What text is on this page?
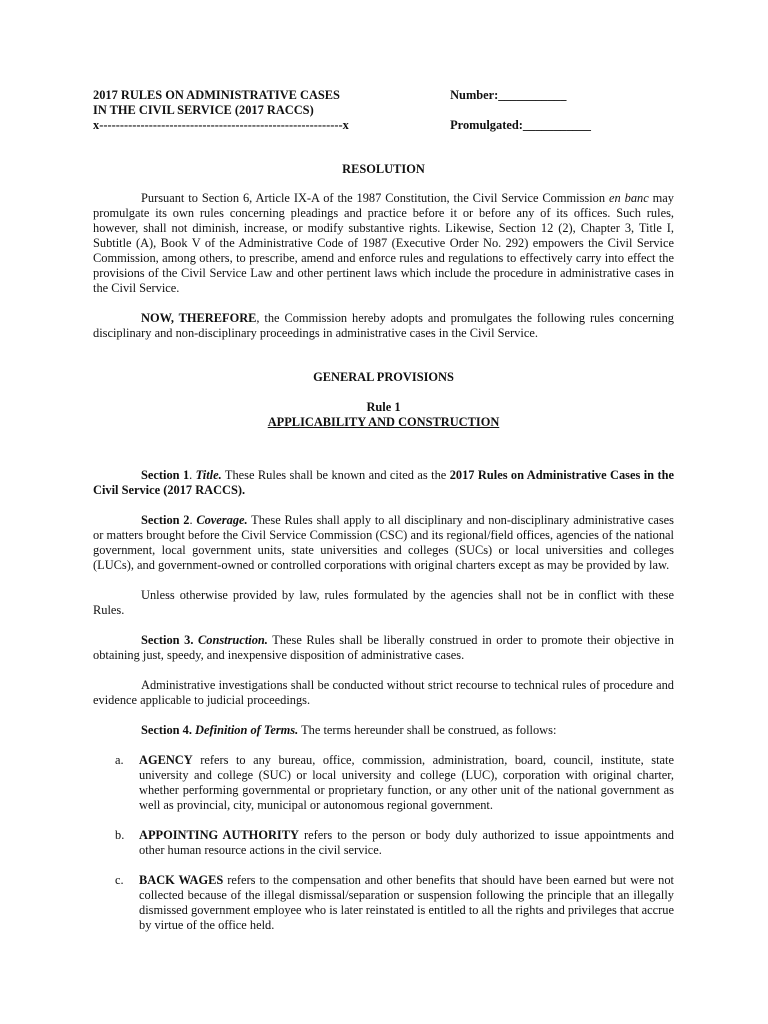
2017 RULES ON ADMINISTRATIVE CASES
IN THE CIVIL SERVICE (2017 RACCS)
x-----------------------------------------------------------x
Number:___________
Promulgated:___________
RESOLUTION

Pursuant to Section 6, Article IX-A of the 1987 Constitution, the Civil Service Commission en banc may promulgate its own rules concerning pleadings and practice before it or before any of its offices. Such rules, however, shall not diminish, increase, or modify substantive rights. Likewise, Section 12 (2), Chapter 3, Title I, Subtitle (A), Book V of the Administrative Code of 1987 (Executive Order No. 292) empowers the Civil Service Commission, among others, to prescribe, amend and enforce rules and regulations to effectively carry into effect the provisions of the Civil Service Law and other pertinent laws which include the procedure in administrative cases in the Civil Service.

NOW, THEREFORE, the Commission hereby adopts and promulgates the following rules concerning disciplinary and non-disciplinary proceedings in administrative cases in the Civil Service.

GENERAL PROVISIONS
Rule 1
APPLICABILITY AND CONSTRUCTION

Section 1. Title. These Rules shall be known and cited as the 2017 Rules on Administrative Cases in the Civil Service (2017 RACCS).

Section 2. Coverage. These Rules shall apply to all disciplinary and non-disciplinary administrative cases or matters brought before the Civil Service Commission (CSC) and its regional/field offices, agencies of the national government, local government units, state universities and colleges (SUCs) or local universities and colleges (LUCs), and government-owned or controlled corporations with original charters except as may be provided by law.

Unless otherwise provided by law, rules formulated by the agencies shall not be in conflict with these Rules.

Section 3. Construction. These Rules shall be liberally construed in order to promote their objective in obtaining just, speedy, and inexpensive disposition of administrative cases.

Administrative investigations shall be conducted without strict recourse to technical rules of procedure and evidence applicable to judicial proceedings.

Section 4. Definition of Terms. The terms hereunder shall be construed, as follows:

a. AGENCY refers to any bureau, office, commission, administration, board, council, institute, state university and college (SUC) or local university and college (LUC), corporation with original charter, whether performing governmental or proprietary function, or any other unit of the national government as well as provincial, city, municipal or autonomous regional government.
b. APPOINTING AUTHORITY refers to the person or body duly authorized to issue appointments and other human resource actions in the civil service.
c. BACK WAGES refers to the compensation and other benefits that should have been earned but were not collected because of the illegal dismissal/separation or suspension following the principle that an illegally dismissed government employee who is later reinstated is entitled to all the rights and privileges that accrue by virtue of the office held.
